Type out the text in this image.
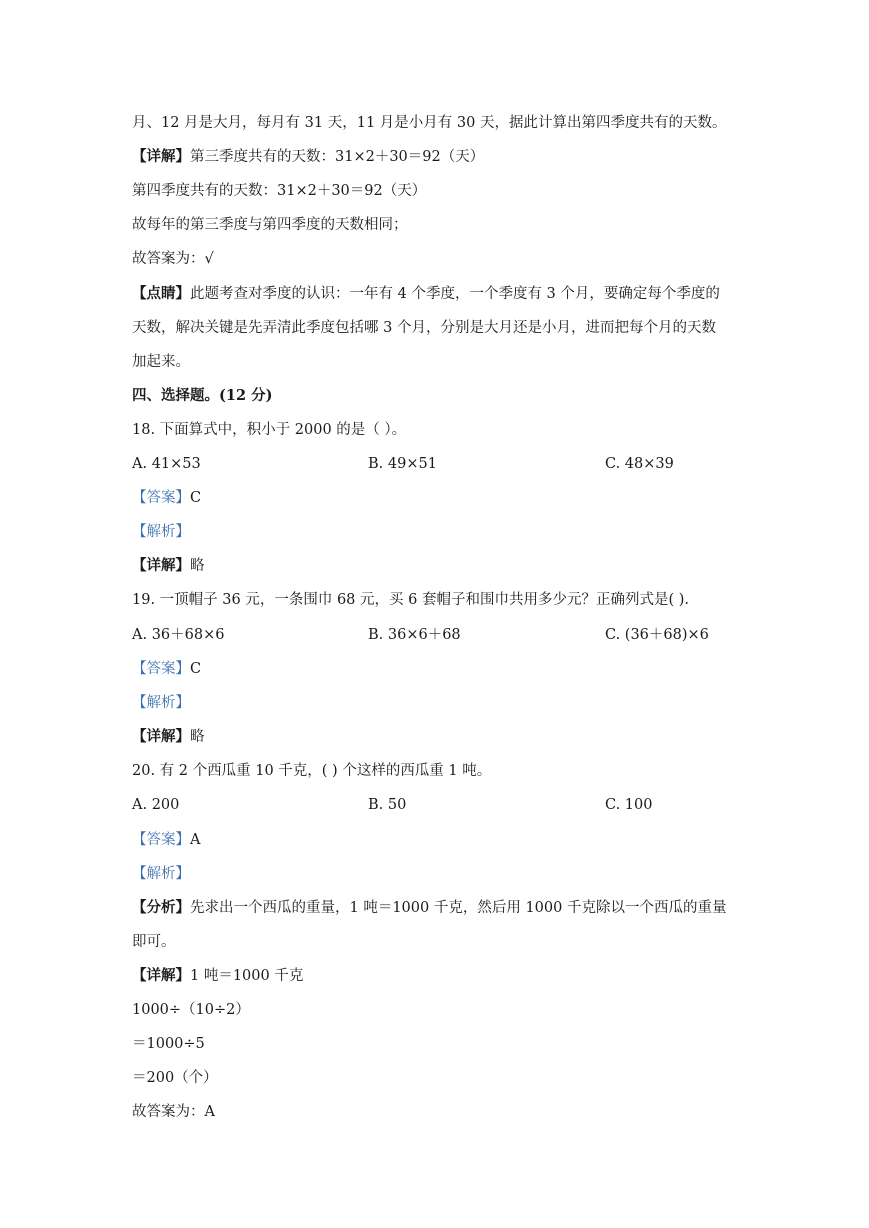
月、12 月是大月，每月有 31 天，11 月是小月有 30 天，据此计算出第四季度共有的天数。
【详解】第三季度共有的天数：31×2＋30＝92（天）
第四季度共有的天数：31×2＋30＝92（天）
故每年的第三季度与第四季度的天数相同；
故答案为：√
【点睛】此题考查对季度的认识：一年有 4 个季度，一个季度有 3 个月，要确定每个季度的
天数，解决关键是先弄清此季度包括哪 3 个月，分别是大月还是小月，进而把每个月的天数
加起来。
四、选择题。(12 分)
18. 下面算式中，积小于 2000 的是（ ）。
A. 41×53	B. 49×51	C. 48×39
【答案】C
【解析】
【详解】略
19. 一顶帽子 36 元，一条围巾 68 元，买 6 套帽子和围巾共用多少元？正确列式是( ).
A. 36＋68×6	B. 36×6＋68	C. (36＋68)×6
【答案】C
【解析】
【详解】略
20. 有 2 个西瓜重 10 千克，( ) 个这样的西瓜重 1 吨。
A. 200	B. 50	C. 100
【答案】A
【解析】
【分析】先求出一个西瓜的重量，1 吨＝1000 千克，然后用 1000 千克除以一个西瓜的重量
即可。
【详解】1 吨＝1000 千克
1000÷（10÷2）
＝1000÷5
＝200（个）
故答案为：A
